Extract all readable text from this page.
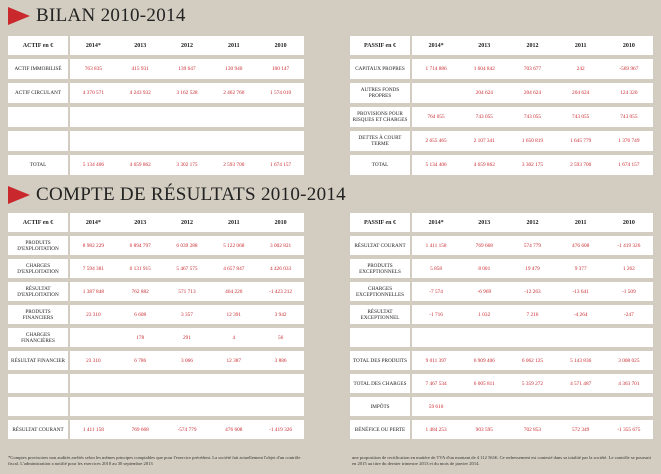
BILAN 2010-2014
ACTIF en €	2014*	2013	2012	2011	2010
ACTIF IMMOBILISÉ	763 835	415 931	139 647	130 940	100 147
ACTIF CIRCULANT	4 370 571	4 243 932	3 162 528	2 462 760	1 574 010

TOTAL	5 134 406	4 659 862	3 302 175	2 593 700	1 674 157
PASSIF en €	2014*	2013	2012	2011	2010
CAPITAUX PROPRES	1 714 886	1 604 842	703 677	242	-569 967
AUTRES FONDS PROPRES		204 624	204 624	204 624	124 320
PROVISIONS POUR RISQUES ET CHARGES	764 055	743 055	743 055	743 055	743 055
DETTES À COURT TERME	2 655 465	2 107 341	1 650 819	1 645 779	1 376 749
TOTAL	5 134 406	4 659 862	3 302 175	2 593 700	1 674 157
COMPTE DE RÉSULTATS 2010-2014
ACTIF en €	2014*	2013	2012	2011	2010
PRODUITS D'EXPLOITATION	8 982 229	6 894 797	6 039 288	5 122 068	3 002 821
CHARGES D'EXPLOITATION	7 594 381	6 131 915	5 467 575	4 657 847	4 426 033
RÉSULTAT D'EXPLOITATION	1 387 848	762 882	571 713	464 220	-1 423 212
PRODUITS FINANCIERS	23 310	6 608	3 357	12 391	3 942
CHARGES FINANCIÈRES		178	291	4	56
RÉSULTAT FINANCIER	23 310	6 786	3 066	12 387	3 886

RÉSULTAT COURANT	1 411 158	769 668	-574 779	476 608	-1 419 326
PASSIF en €	2014*	2013	2012	2011	2010
RÉSULTAT COURANT	1 411 158	769 668	574 779	476 608	-1 419 326
PRODUITS EXCEPTIONNELS	5 858	8 001	19 479	9 377	1 262
CHARGES EXCEPTIONNELLES	-7 574	-6 969	-12 263	-13 641	-1 509
RÉSULTAT EXCEPTIONNEL	-1 716	1 032	7 216	-4 264	-247

TOTAL DES PRODUITS	9 011 397	6 909 406	6 062 125	5 143 836	3 008 025
TOTAL DES CHARGES	7 467 534	6 005 811	5 359 272	4 571 487	4 363 701
IMPÔTS	59 610				
BÉNÉFICE OU PERTE	1 484 253	903 595	702 853	572 349	-1 355 675
*Comptes provisoires non audités arrêtés selon les mêmes principes comptables que pour l'exercice précédent. La société fait actuellement l'objet d'un contrôle fiscal. L'administration a notifié pour les exercices 2010 au 30 septembre 2013
une proposition de rectification en matière de TVA d'un montant de 4 112 561€. Ce redressement est contesté dans sa totalité par la société. Le contrôle se poursuit en 2015 au titre du dernier trimestre 2013 et du mois de janvier 2014.
